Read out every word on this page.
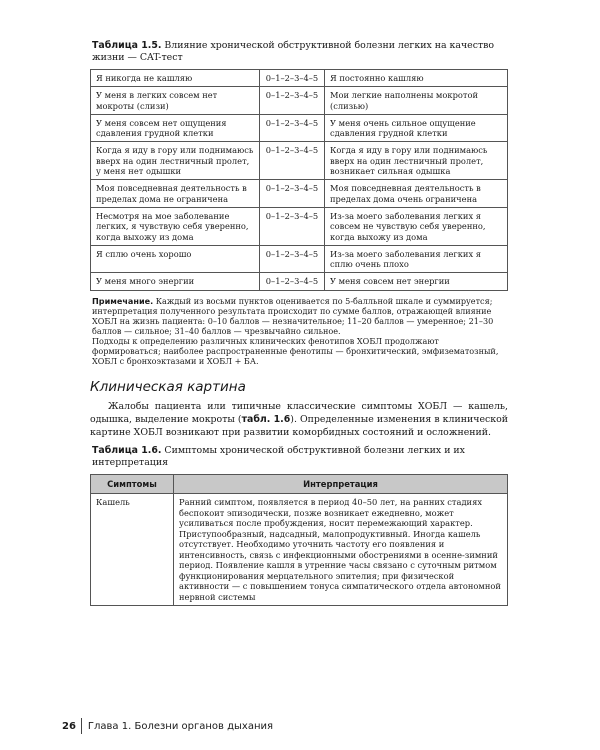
Таблица 1.5. Влияние хронической обструктивной болезни легких на качество жизни — CAT-тест
Я никогда не кашляю	0–1–2–3–4–5	Я постоянно кашляю
У меня в легких совсем нет мокроты (слизи)	0–1–2–3–4–5	Мои легкие наполнены мокротой (слизью)
У меня совсем нет ощущения сдавления грудной клетки	0–1–2–3–4–5	У меня очень сильное ощущение сдавления грудной клетки
Когда я иду в гору или поднимаюсь вверх на один лестничный пролет, у меня нет одышки	0–1–2–3–4–5	Когда я иду в гору или поднимаюсь вверх на один лестничный пролет, возникает сильная одышка
Моя повседневная деятельность в пределах дома не ограничена	0–1–2–3–4–5	Моя повседневная деятельность в пределах дома очень ограничена
Несмотря на мое заболевание легких, я чувствую себя уверенно, когда выхожу из дома	0–1–2–3–4–5	Из-за моего заболевания легких я совсем не чувствую себя уверенно, когда выхожу из дома
Я сплю очень хорошо	0–1–2–3–4–5	Из-за моего заболевания легких я сплю очень плохо
У меня много энергии	0–1–2–3–4–5	У меня совсем нет энергии

Примечание. Каждый из восьми пунктов оценивается по 5-балльной шкале и суммируется; интерпретация полученного результата происходит по сумме баллов, отражающей влияние ХОБЛ на жизнь пациента: 0–10 баллов — незначительное; 11–20 баллов — умеренное; 21–30 баллов — сильное; 31–40 баллов — чрезвычайно сильное.

Подходы к определению различных клинических фенотипов ХОБЛ продолжают формироваться; наиболее распространенные фенотипы — бронхитический, эмфизематозный, ХОБЛ с бронхоэктазами и ХОБЛ + БА.

Клиническая картина

Жалобы пациента или типичные классические симптомы ХОБЛ — кашель, одышка, выделение мокроты (табл. 1.6). Определенные изменения в клинической картине ХОБЛ возникают при развитии коморбидных состояний и осложнений.

Таблица 1.6. Симптомы хронической обструктивной болезни легких и их интерпретация
Симптомы	Интерпретация
Кашель	Ранний симптом, появляется в период 40–50 лет, на ранних стадиях беспокоит эпизодически, позже возникает ежедневно, может усиливаться после пробуждения, носит перемежающий характер. Приступообразный, надсадный, малопродуктивный. Иногда кашель отсутствует. Необходимо уточнить частоту его появления и интенсивность, связь с инфекционными обострениями в осенне-зимний период. Появление кашля в утренние часы связано с суточным ритмом функционирования мерцательного эпителия; при физической активности — с повышением тонуса симпатического отдела автономной нервной системы
26 Глава 1. Болезни органов дыхания
